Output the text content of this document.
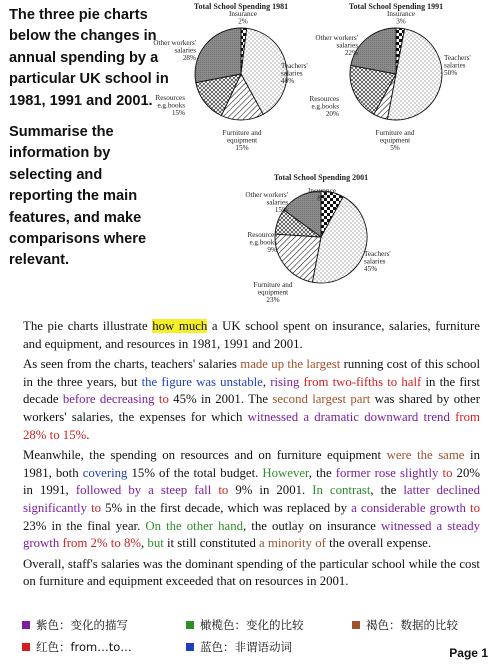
The three pie charts below the changes in annual spending by a particular UK school in 1981, 1991 and 2001.

Summarise the information by selecting and reporting the main features, and make comparisons where relevant.

Total School Spending 1981
Insurance 2%
Teachers' salaries 40%
Furniture and equipment 15%
Resources e.g.books 15%
Other workers' salaries 28%
Total School Spending 1991
Insurance 3%
Teachers' salaries 50%
Furniture and equipment 5%
Resources e.g.books 20%
Other workers' salaries 22%
Total School Spending 2001
Insurance 8%
Teachers' salaries 45%
Furniture and equipment 23%
Resources e.g.books 9%
Other workers' salaries 15%

The pie charts illustrate how much a UK school spent on insurance, salaries, furniture and equipment, and resources in 1981, 1991 and 2001.

As seen from the charts, teachers' salaries made up the largest running cost of this school in the three years, but the figure was unstable, rising from two-fifths to half in the first decade before decreasing to 45% in 2001. The second largest part was shared by other workers' salaries, the expenses for which witnessed a dramatic downward trend from 28% to 15%.

Meanwhile, the spending on resources and on furniture equipment were the same in 1981, both covering 15% of the total budget. However, the former rose slightly to 20% in 1991, followed by a steep fall to 9% in 2001. In contrast, the latter declined significantly to 5% in the first decade, which was replaced by a considerable growth to 23% in the final year. On the other hand, the outlay on insurance witnessed a steady growth from 2% to 8%, but it still constituted a minority of the overall expense.

Overall, staff's salaries was the dominant spending of the particular school while the cost on furniture and equipment exceeded that on resources in 2001.

紫色：变化的描写	橄榄色：变化的比较	褐色：数据的比较
红色：from…to…	蓝色：非谓语动词	Page 1
